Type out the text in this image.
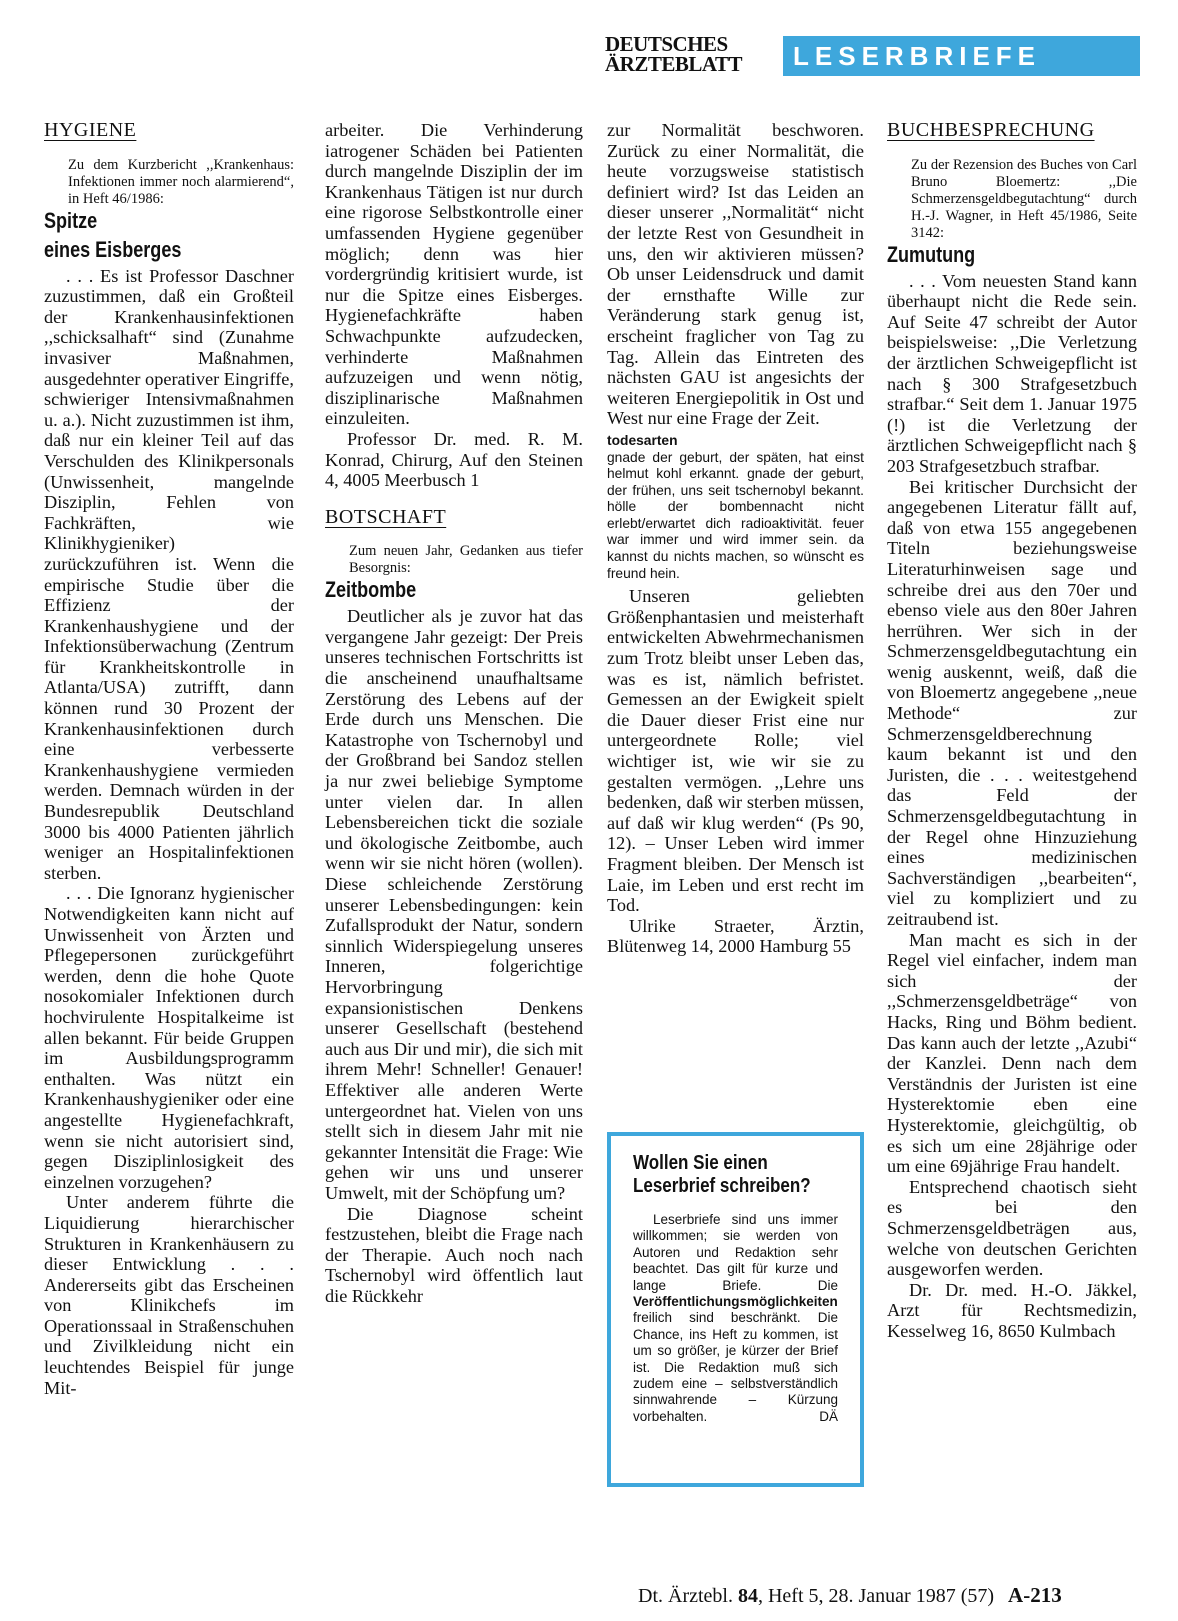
DEUTSCHES
ÄRZTEBLATT	LESERBRIEFE
HYGIENE

Zu dem Kurzbericht ,,Krankenhaus: Infektionen immer noch alarmierend“, in Heft 46/1986:

Spitze
eines Eisberges

. . . Es ist Professor Daschner zuzustimmen, daß ein Großteil der Krankenhausinfektionen ,,schicksalhaft“ sind (Zunahme invasiver Maßnahmen, ausgedehnter operativer Eingriffe, schwieriger Intensivmaßnahmen u. a.). Nicht zuzustimmen ist ihm, daß nur ein kleiner Teil auf das Verschulden des Klinikpersonals (Unwissenheit, mangelnde Disziplin, Fehlen von Fachkräften, wie Klinikhygieniker) zurückzuführen ist. Wenn die empirische Studie über die Effizienz der Krankenhaushygiene und der Infektionsüberwachung (Zentrum für Krankheitskontrolle in Atlanta/USA) zutrifft, dann können rund 30 Prozent der Krankenhausinfektionen durch eine verbesserte Krankenhaushygiene vermieden werden. Demnach würden in der Bundesrepublik Deutschland 3000 bis 4000 Patienten jährlich weniger an Hospitalinfektionen sterben.

. . . Die Ignoranz hygienischer Notwendigkeiten kann nicht auf Unwissenheit von Ärzten und Pflegepersonen zurückgeführt werden, denn die hohe Quote nosokomialer Infektionen durch hochvirulente Hospitalkeime ist allen bekannt. Für beide Gruppen im Ausbildungsprogramm enthalten. Was nützt ein Krankenhaushygieniker oder eine angestellte Hygienefachkraft, wenn sie nicht autorisiert sind, gegen Disziplinlosigkeit des einzelnen vorzugehen?

Unter anderem führte die Liquidierung hierarchischer Strukturen in Krankenhäusern zu dieser Entwicklung . . . Andererseits gibt das Erscheinen von Klinikchefs im Operationssaal in Straßenschuhen und Zivilkleidung nicht ein leuchtendes Beispiel für junge Mit-

arbeiter. Die Verhinderung iatrogener Schäden bei Patienten durch mangelnde Disziplin der im Krankenhaus Tätigen ist nur durch eine rigorose Selbstkontrolle einer umfassenden Hygiene gegenüber möglich; denn was hier vordergründig kritisiert wurde, ist nur die Spitze eines Eisberges. Hygienefachkräfte haben Schwachpunkte aufzudecken, verhinderte Maßnahmen aufzuzeigen und wenn nötig, disziplinarische Maßnahmen einzuleiten.

Professor Dr. med. R. M. Konrad, Chirurg, Auf den Steinen 4, 4005 Meerbusch 1

BOTSCHAFT

Zum neuen Jahr, Gedanken aus tiefer Besorgnis:

Zeitbombe

Deutlicher als je zuvor hat das vergangene Jahr gezeigt: Der Preis unseres technischen Fortschritts ist die anscheinend unaufhaltsame Zerstörung des Lebens auf der Erde durch uns Menschen. Die Katastrophe von Tschernobyl und der Großbrand bei Sandoz stellen ja nur zwei beliebige Symptome unter vielen dar. In allen Lebensbereichen tickt die soziale und ökologische Zeitbombe, auch wenn wir sie nicht hören (wollen). Diese schleichende Zerstörung unserer Lebensbedingungen: kein Zufallsprodukt der Natur, sondern sinnlich Widerspiegelung unseres Inneren, folgerichtige Hervorbringung expansionistischen Denkens unserer Gesellschaft (bestehend auch aus Dir und mir), die sich mit ihrem Mehr! Schneller! Genauer! Effektiver alle anderen Werte untergeordnet hat. Vielen von uns stellt sich in diesem Jahr mit nie gekannter Intensität die Frage: Wie gehen wir uns und unserer Umwelt, mit der Schöpfung um?

Die Diagnose scheint festzustehen, bleibt die Frage nach der Therapie. Auch noch nach Tschernobyl wird öffentlich laut die Rückkehr

zur Normalität beschworen. Zurück zu einer Normalität, die heute vorzugsweise statistisch definiert wird? Ist das Leiden an dieser unserer ,,Normalität“ nicht der letzte Rest von Gesundheit in uns, den wir aktivieren müssen? Ob unser Leidensdruck und damit der ernsthafte Wille zur Veränderung stark genug ist, erscheint fraglicher von Tag zu Tag. Allein das Eintreten des nächsten GAU ist angesichts der weiteren Energiepolitik in Ost und West nur eine Frage der Zeit.

todesarten
gnade der geburt, der späten, hat einst helmut kohl erkannt. gnade der geburt, der frühen, uns seit tschernobyl bekannt. hölle der bombennacht nicht erlebt/erwartet dich radioaktivität. feuer war immer und wird immer sein. da kannst du nichts machen, so wünscht es freund hein.

Unseren geliebten Größenphantasien und meisterhaft entwickelten Abwehrmechanismen zum Trotz bleibt unser Leben das, was es ist, nämlich befristet. Gemessen an der Ewigkeit spielt die Dauer dieser Frist eine nur untergeordnete Rolle; viel wichtiger ist, wie wir sie zu gestalten vermögen. ,,Lehre uns bedenken, daß wir sterben müssen, auf daß wir klug werden“ (Ps 90, 12). – Unser Leben wird immer Fragment bleiben. Der Mensch ist Laie, im Leben und erst recht im Tod.

Ulrike Straeter, Ärztin, Blütenweg 14, 2000 Hamburg 55

Wollen Sie einen
Leserbrief schreiben?
Leserbriefe sind uns immer willkommen; sie werden von Autoren und Redaktion sehr beachtet. Das gilt für kurze und lange Briefe. Die Veröffentlichungsmöglichkeiten freilich sind beschränkt. Die Chance, ins Heft zu kommen, ist um so größer, je kürzer der Brief ist. Die Redaktion muß sich zudem eine – selbstverständlich sinnwahrende – Kürzung vorbehalten.	DÄ
BUCHBESPRECHUNG

Zu der Rezension des Buches von Carl Bruno Bloemertz: ,,Die Schmerzensgeldbegutachtung“ durch H.-J. Wagner, in Heft 45/1986, Seite 3142:

Zumutung

. . . Vom neuesten Stand kann überhaupt nicht die Rede sein. Auf Seite 47 schreibt der Autor beispielsweise: ,,Die Verletzung der ärztlichen Schweigepflicht ist nach § 300 Strafgesetzbuch strafbar.“ Seit dem 1. Januar 1975 (!) ist die Verletzung der ärztlichen Schweigepflicht nach § 203 Strafgesetzbuch strafbar.

Bei kritischer Durchsicht der angegebenen Literatur fällt auf, daß von etwa 155 angegebenen Titeln beziehungsweise Literaturhinweisen sage und schreibe drei aus den 70er und ebenso viele aus den 80er Jahren herrühren. Wer sich in der Schmerzensgeldbegutachtung ein wenig auskennt, weiß, daß die von Bloemertz angegebene ,,neue Methode“ zur Schmerzensgeldberechnung kaum bekannt ist und den Juristen, die . . . weitestgehend das Feld der Schmerzensgeldbegutachtung in der Regel ohne Hinzuziehung eines medizinischen Sachverständigen ,,bearbeiten“, viel zu kompliziert und zu zeitraubend ist.

Man macht es sich in der Regel viel einfacher, indem man sich der ,,Schmerzensgeldbeträge“ von Hacks, Ring und Böhm bedient. Das kann auch der letzte ,,Azubi“ der Kanzlei. Denn nach dem Verständnis der Juristen ist eine Hysterektomie eben eine Hysterektomie, gleichgültig, ob es sich um eine 28jährige oder um eine 69jährige Frau handelt.

Entsprechend chaotisch sieht es bei den Schmerzensgeldbeträgen aus, welche von deutschen Gerichten ausgeworfen werden.

Dr. Dr. med. H.-O. Jäkkel, Arzt für Rechtsmedizin, Kesselweg 16, 8650 Kulmbach

Dt. Ärztebl. 84, Heft 5, 28. Januar 1987 (57) A-213
